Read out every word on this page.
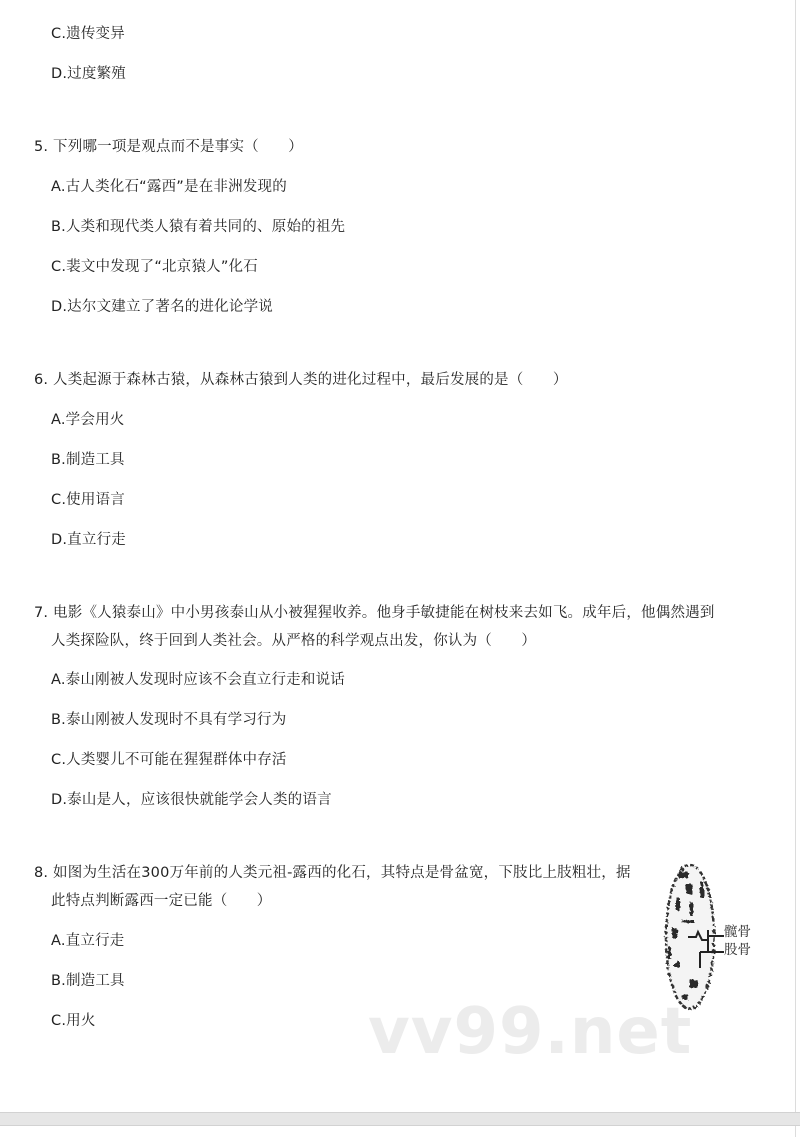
C.遗传变异
D.过度繁殖
5. 下列哪一项是观点而不是事实（　　）
A.古人类化石“露西”是在非洲发现的
B.人类和现代类人猿有着共同的、原始的祖先
C.裴文中发现了“北京猿人”化石
D.达尔文建立了著名的进化论学说
6. 人类起源于森林古猿，从森林古猿到人类的进化过程中，最后发展的是（　　）
A.学会用火
B.制造工具
C.使用语言
D.直立行走
7. 电影《人猿泰山》中小男孩泰山从小被猩猩收养。他身手敏捷能在树枝来去如飞。成年后，他偶然遇到
人类探险队，终于回到人类社会。从严格的科学观点出发，你认为（　　）
A.泰山刚被人发现时应该不会直立行走和说话
B.泰山刚被人发现时不具有学习行为
C.人类婴儿不可能在猩猩群体中存活
D.泰山是人，应该很快就能学会人类的语言
8. 如图为生活在300万年前的人类元祖-露西的化石，其特点是骨盆宽，下肢比上肢粗壮，据
此特点判断露西一定已能（　　）
A.直立行走
B.制造工具
C.用火
髋骨
股骨
vv99.net
